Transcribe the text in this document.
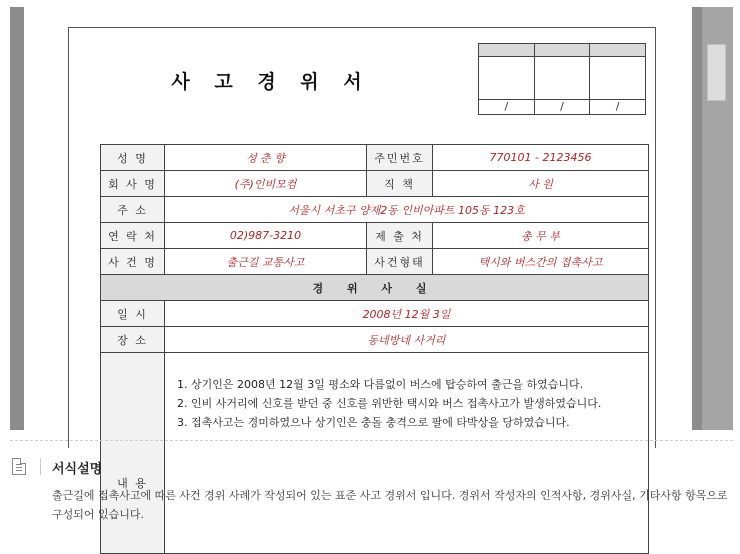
사 고 경 위 서

/	/	/
성 명	성 춘 향	주민번호	770101 - 2123456
회 사 명	(주)인비모컴	직 책	사 원
주 소	서울시 서초구 양재2동 인비아파트 105동 123호		
연 락 처	02)987-3210	제 출 처	총 무 부
사 건 명	출근길 교통사고	사건형태	택시와 버스간의 접촉사고
경 위 사 실			
일 시	2008년 12월 3일		
장 소	동네방네 사거리		
내 용	1. 상기인은 2008년 12월 3일 평소와 다름없이 버스에 탑승하여 출근을 하였습니다.
2. 인비 사거리에 신호를 받던 중 신호를 위반한 택시와 버스 접촉사고가 발생하였습니다.
3. 접촉사고는 경미하였으나 상기인은 충돌 충격으로 팔에 타박상을 당하였습니다.		
서식설명
출근길에 접촉사고에 따른 사건 경위 사례가 작성되어 있는 표준 사고 경위서 입니다. 경위서 작성자의 인적사항, 경위사실, 기타사항 항목으로 구성되어 있습니다.
